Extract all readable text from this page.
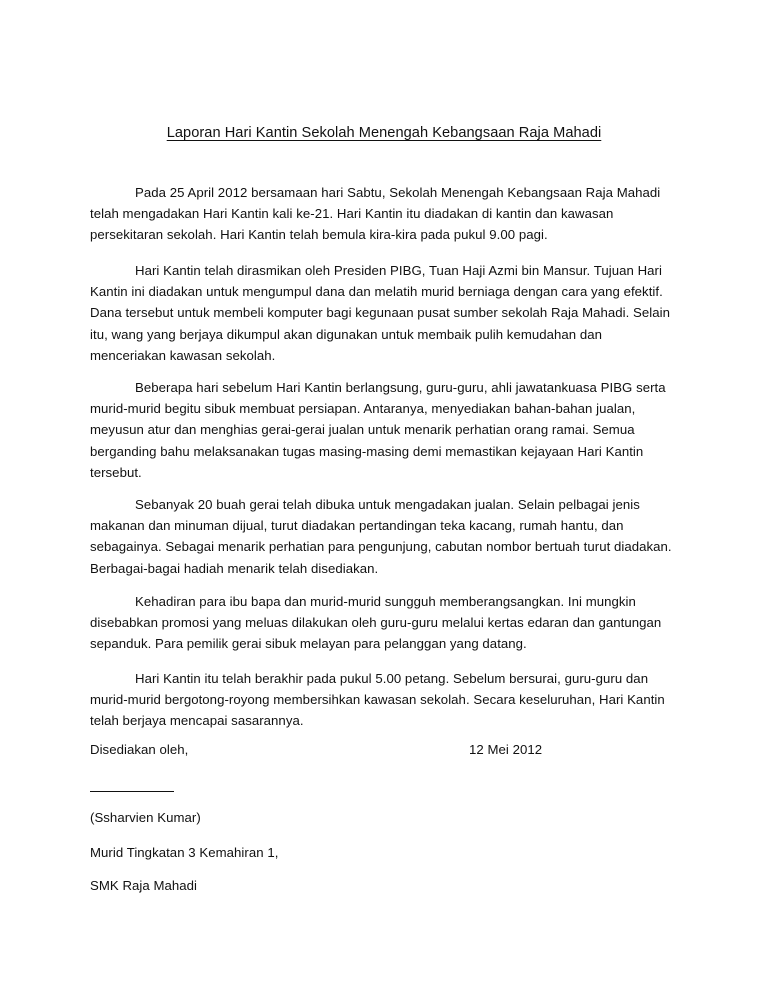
Laporan Hari Kantin Sekolah Menengah Kebangsaan Raja Mahadi

Pada 25 April 2012 bersamaan hari Sabtu, Sekolah Menengah Kebangsaan Raja Mahadi telah mengadakan Hari Kantin kali ke-21. Hari Kantin itu diadakan di kantin dan kawasan persekitaran sekolah. Hari Kantin telah bemula kira-kira pada pukul 9.00 pagi.

Hari Kantin telah dirasmikan oleh Presiden PIBG, Tuan Haji Azmi bin Mansur. Tujuan Hari Kantin ini diadakan untuk mengumpul dana dan melatih murid berniaga dengan cara yang efektif. Dana tersebut untuk membeli komputer bagi kegunaan pusat sumber sekolah Raja Mahadi. Selain itu, wang yang berjaya dikumpul akan digunakan untuk membaik pulih kemudahan dan menceriakan kawasan sekolah.

Beberapa hari sebelum Hari Kantin berlangsung, guru-guru, ahli jawatankuasa PIBG serta murid-murid begitu sibuk membuat persiapan. Antaranya, menyediakan bahan-bahan jualan, meyusun atur dan menghias gerai-gerai jualan untuk menarik perhatian orang ramai. Semua berganding bahu melaksanakan tugas masing-masing demi memastikan kejayaan Hari Kantin tersebut.

Sebanyak 20 buah gerai telah dibuka untuk mengadakan jualan. Selain pelbagai jenis makanan dan minuman dijual, turut diadakan pertandingan teka kacang, rumah hantu, dan sebagainya. Sebagai menarik perhatian para pengunjung, cabutan nombor bertuah turut diadakan. Berbagai-bagai hadiah menarik telah disediakan.

Kehadiran para ibu bapa dan murid-murid sungguh memberangsangkan. Ini mungkin disebabkan promosi yang meluas dilakukan oleh guru-guru melalui kertas edaran dan gantungan sepanduk. Para pemilik gerai sibuk melayan para pelanggan yang datang.

Hari Kantin itu telah berakhir pada pukul 5.00 petang. Sebelum bersurai, guru-guru dan murid-murid bergotong-royong membersihkan kawasan sekolah. Secara keseluruhan, Hari Kantin telah berjaya mencapai sasarannya.

Disediakan oleh,	12 Mei 2012
(Ssharvien Kumar)
Murid Tingkatan 3 Kemahiran 1,
SMK Raja Mahadi
